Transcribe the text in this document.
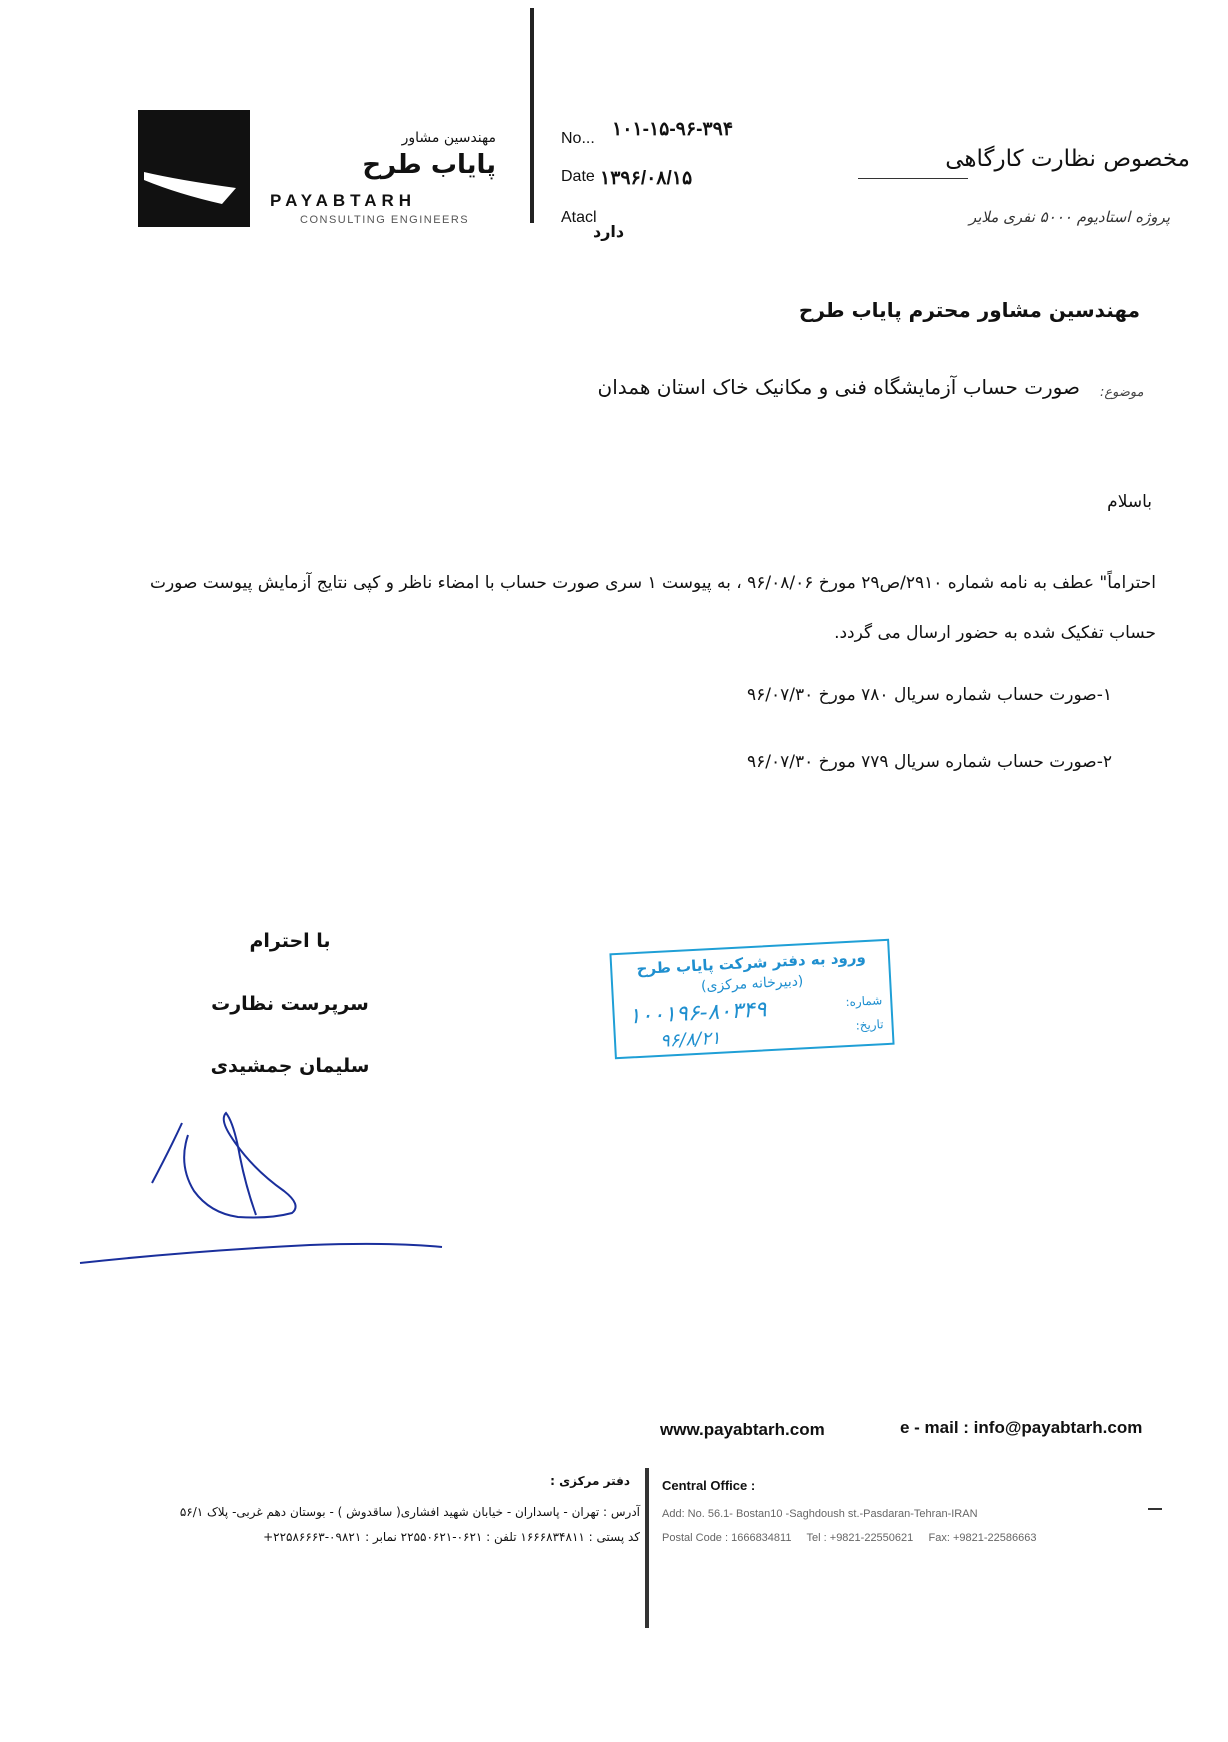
مهندسین مشاور
پایاب طرح
PAYABTARH
CONSULTING ENGINEERS
No... ۱۰۱-۱۵-۹۶-۳۹۴
Date ۱۳۹۶/۰۸/۱۵
Atacl
دارد
مخصوص نظارت کارگاهی
پروژه استادیوم ۵۰۰۰ نفری ملایر
مهندسین مشاور محترم پایاب طرح
موضوع:
صورت حساب آزمایشگاه فنی و مکانیک خاک استان همدان
باسلام
احتراماً" عطف به نامه شماره ۲۹۱۰/ص۲۹ مورخ ۹۶/۰۸/۰۶ ، به پیوست ۱ سری صورت حساب با امضاء ناظر و کپی نتایج آزمایش پیوست صورت حساب تفکیک شده به حضور ارسال می گردد.
۱-صورت حساب شماره سریال ۷۸۰ مورخ ۹۶/۰۷/۳۰
۲-صورت حساب شماره سریال ۷۷۹ مورخ ۹۶/۰۷/۳۰
با احترام
سرپرست نظارت
سلیمان جمشیدی
ورود به دفتر شرکت پایاب طرح
(دبیرخانه مرکزی)
شماره:
تاریخ:
۱۰۰۱۹۶-۸۰۳۴۹
۹۶/۸/۲۱
www.payabtarh.com	e - mail : info@payabtarh.com
دفتر مرکزی :
آدرس : تهران - پاسداران - خیابان شهید افشاری( ساقدوش ) - بوستان دهم غربی- پلاک ۵۶/۱
کد پستی : ۱۶۶۶۸۳۴۸۱۱ تلفن : ۰۶۲۱-۲۲۵۵۰۶۲۱ نمابر : ۰۹۸۲۱-۲۲۵۸۶۶۶۳+
Central Office :
Add: No. 56.1- Bostan10 -Saghdoush st.-Pasdaran-Tehran-IRAN
Postal Code : 1666834811     Tel : +9821-22550621     Fax: +9821-22586663
